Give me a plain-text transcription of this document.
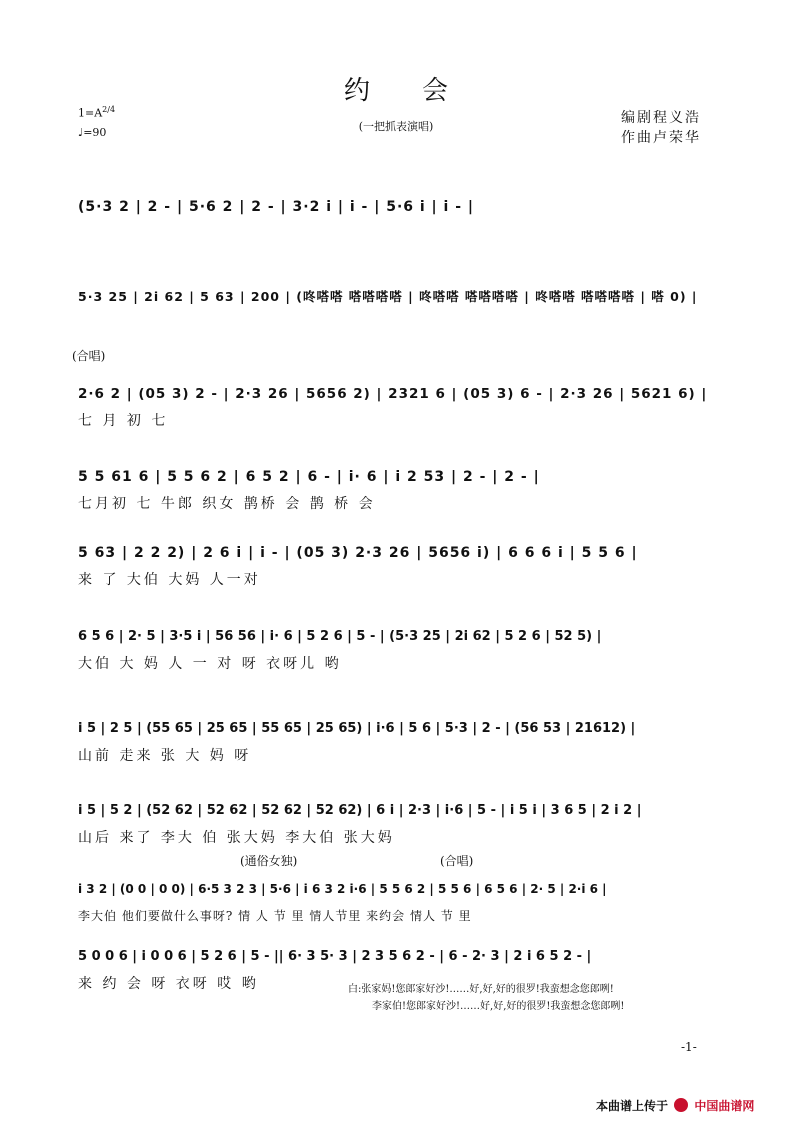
约会
(一把抓表演唱)
$1=A^{2/4}$
♩=90
编剧程义浩
作曲卢荣华
(5·3 2 | 2 - | 5·6 2 | 2 - | 3·2 i | i - | 5·6 i | i - |
5·3 25 | 2i 62 | 5 63 | 200 | (咚嗒嗒 嗒嗒嗒嗒 | 咚嗒嗒 嗒嗒嗒嗒 | 咚嗒嗒 嗒嗒嗒嗒 | 嗒 0) |
(合唱)
2·6 2 | (05 3) 2 - | 2·3 26 | 5656 2) | 2321 6 | (05 3) 6 - | 2·3 26 | 5621 6) |
七 月 初 七
5 5 61 6 | 5 5 6 2 | 6 5 2 | 6 - | i· 6 | i 2 53 | 2 - | 2 - |
七月初 七 牛郎 织女 鹊桥 会 鹊 桥 会
5 63 | 2 2 2) | 2 6 i | i - | (05 3) 2·3 26 | 5656 i) | 6 6 6 i | 5 5 6 |
来 了 大伯 大妈 人一对
6 5 6 | 2· 5 | 3·5 i | 56 56 | i· 6 | 5 2 6 | 5 - | (5·3 25 | 2i 62 | 5 2 6 | 52 5) |
大伯 大 妈 人 一 对 呀 衣呀儿 哟
i 5 | 2 5 | (55 65 | 25 65 | 55 65 | 25 65) | i·6 | 5 6 | 5·3 | 2 - | (56 53 | 21612) |
山前 走来 张 大 妈 呀
i 5 | 5 2 | (52 62 | 52 62 | 52 62 | 52 62) | 6 i | 2·3 | i·6 | 5 - | i 5 i | 3 6 5 | 2 i 2 |
山后 来了 李大 伯 张大妈 李大伯 张大妈
(通俗女独)	(合唱)
i 3 2 | (0 0 | 0 0) | 6·5 3 2 3 | 5·6 | i 6 3 2 i·6 | 5 5 6 2 | 5 5 6 | 6 5 6 | 2· 5 | 2·i 6 |
李大伯 他们要做什么事呀? 情 人 节 里 情人节里 来约会 情人 节 里
5 0 0 6 | i 0 0 6 | 5 2 6 | 5 - || 6· 3 5· 3 | 2 3 5 6 2 - | 6 - 2· 3 | 2 i 6 5 2 - |
来 约 会 呀 衣呀 哎 哟	白:张家妈!您郎家好沙!……好,好,好的很罗!我蛮想念您郎咧!
李家伯!您郎家好沙!……好,好,好的很罗!我蛮想念您郎咧!
-1-
本曲谱上传于 中国曲谱网
